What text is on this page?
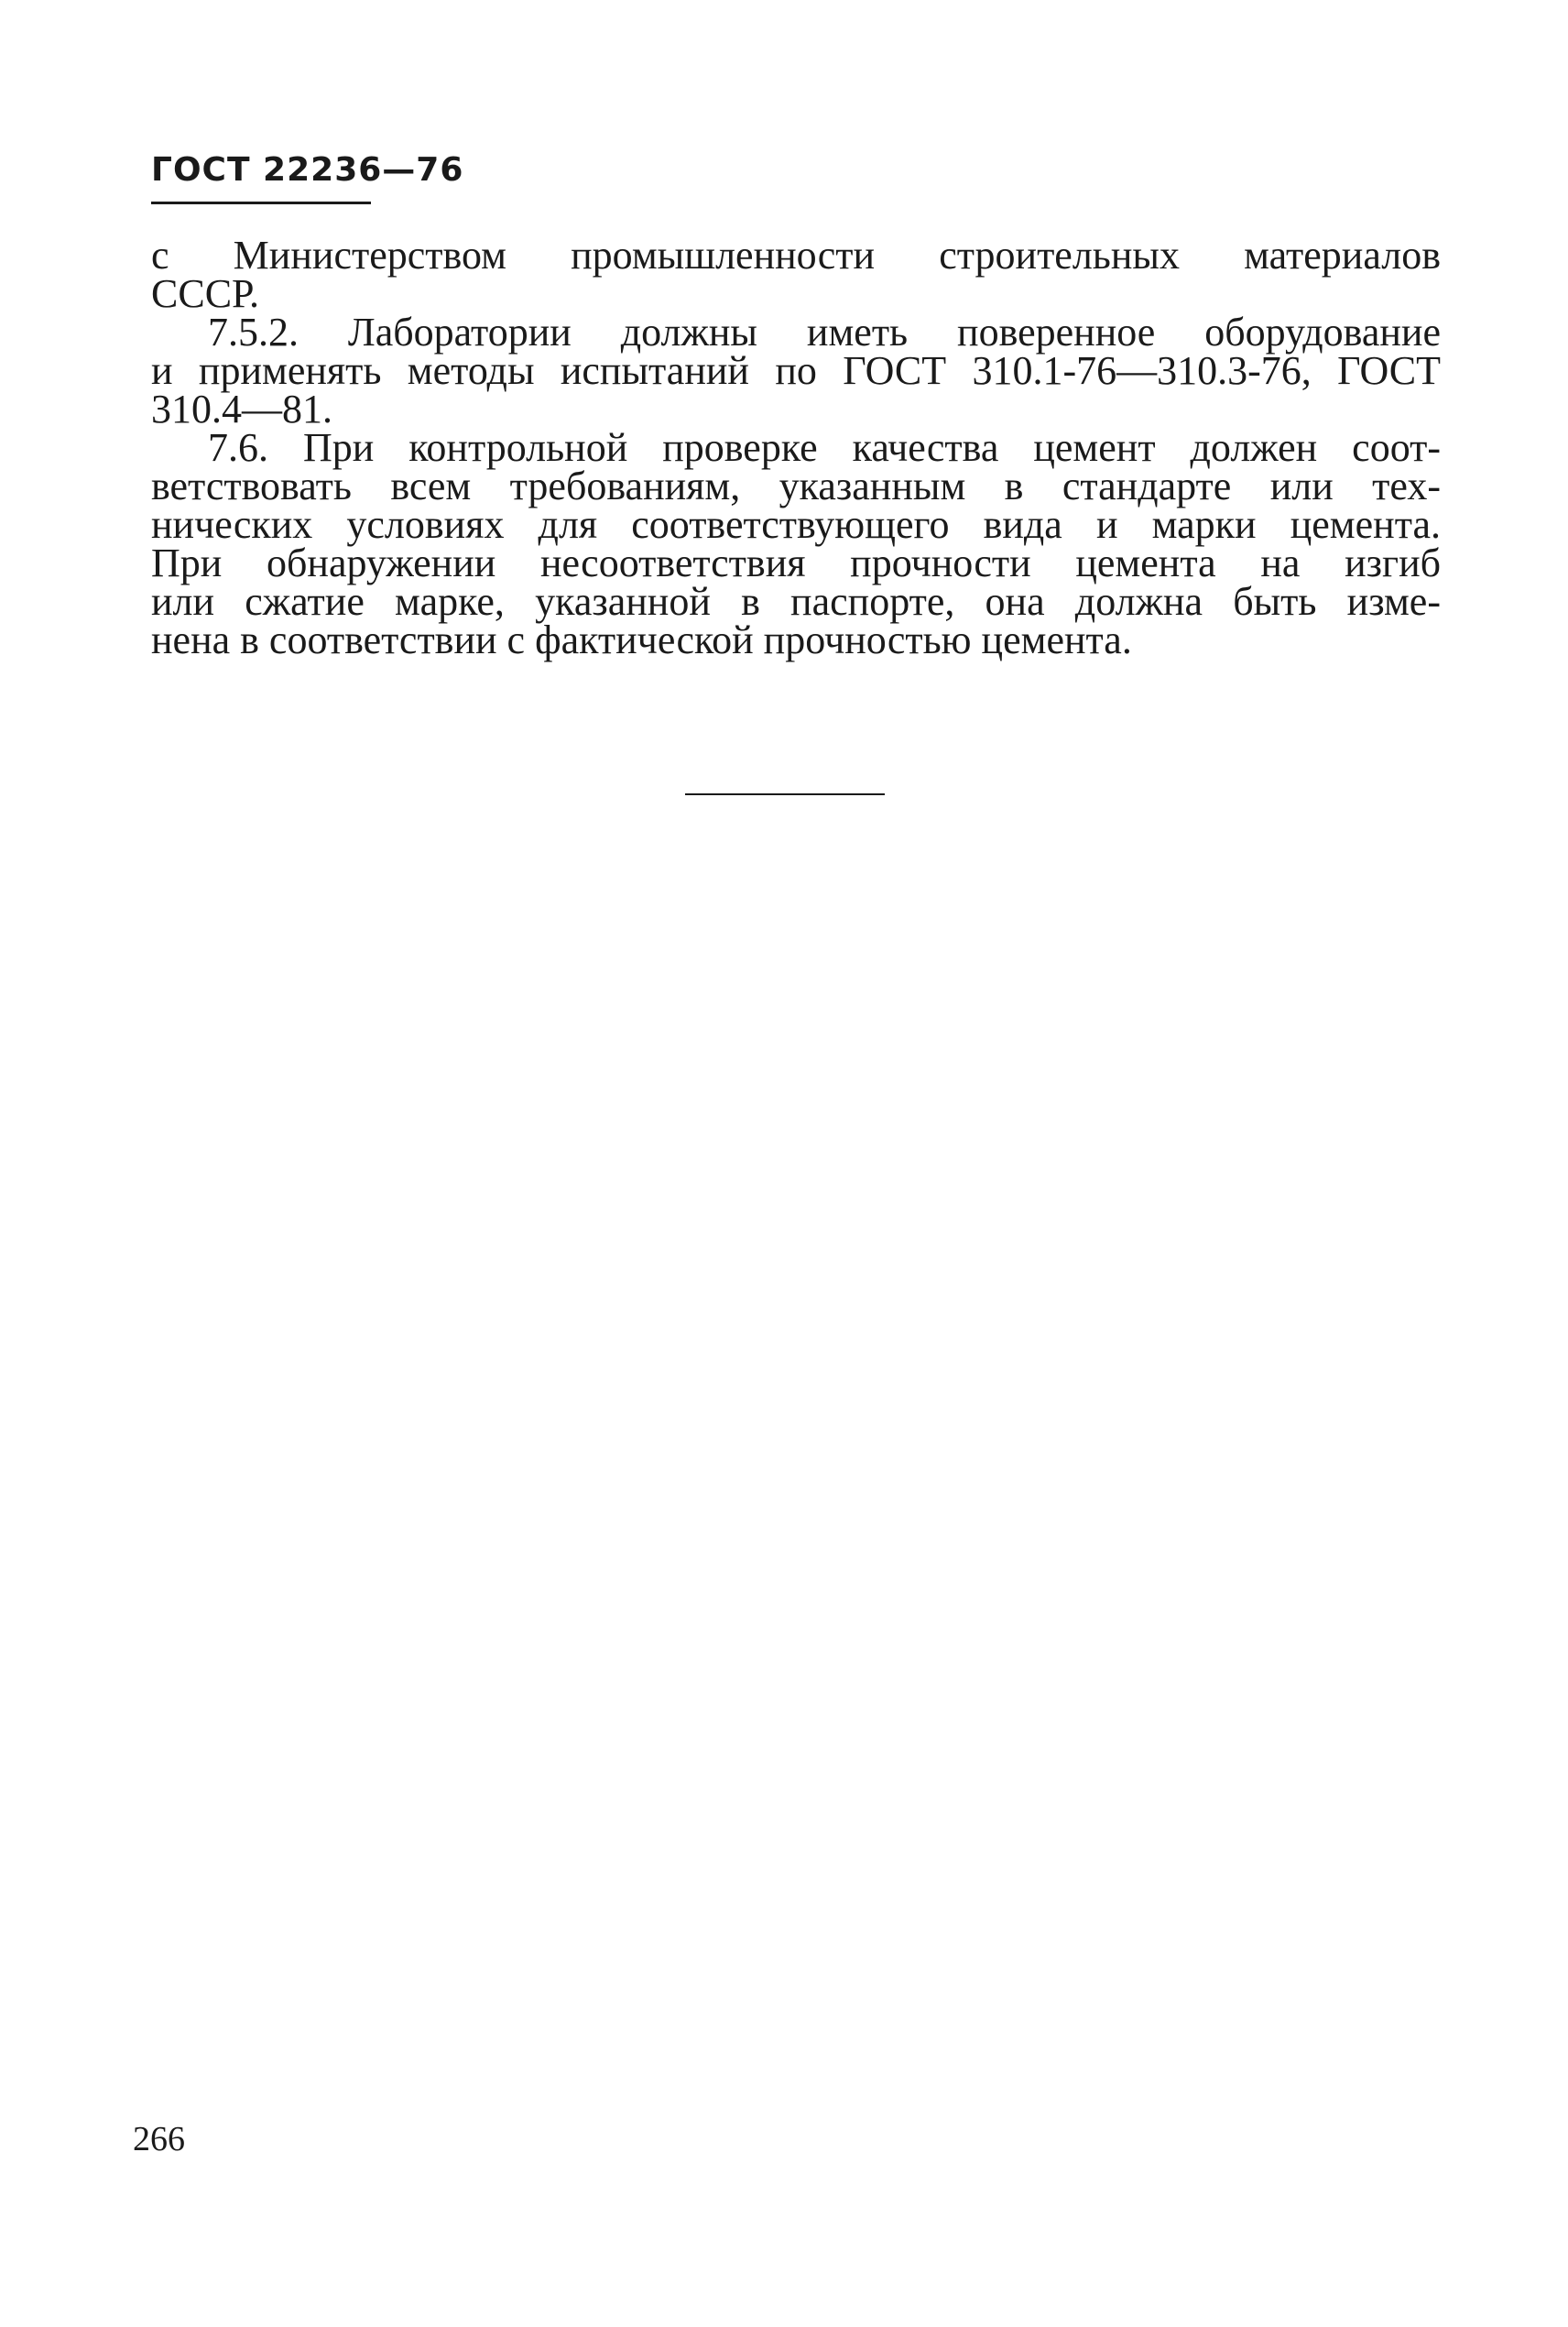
ГОСТ 22236—76
с Министерством промышленности строительных материалов
СССР.
7.5.2. Лаборатории должны иметь поверенное оборудование
и применять методы испытаний по ГОСТ 310.1-76—310.3-76, ГОСТ
310.4—81.
7.6. При контрольной проверке качества цемент должен соот-
ветствовать всем требованиям, указанным в стандарте или тех-
нических условиях для соответствующего вида и марки цемента.
При обнаружении несоответствия прочности цемента на изгиб
или сжатие марке, указанной в паспорте, она должна быть изме-
нена в соответствии с фактической прочностью цемента.
266
